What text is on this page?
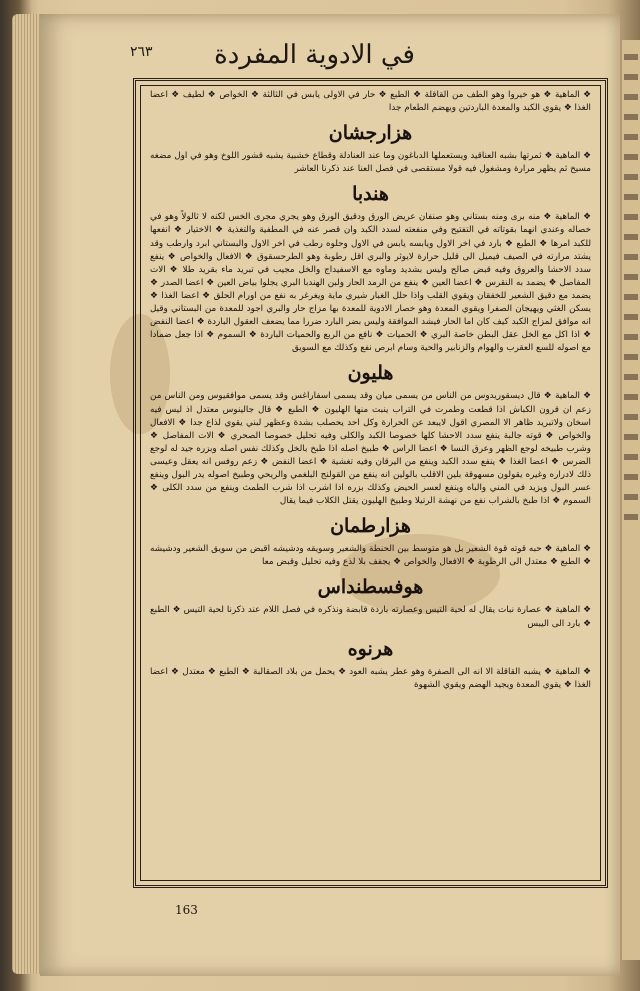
٢٦٣ في الادوية المفردة

❖ الماهية ❖ هو خيروا وهو الطف من القاقلة ❖ الطبع ❖ حار في الاولى يابس في الثالثة ❖ الخواص ❖ لطيف ❖ اعضا الغذا ❖ يقوي الكبد والمعدة الباردتين ويهضم الطعام جدا

هزارجشان

❖ الماهية ❖ ثمرتها بشبه العناقيد ويستعملها الدباغون وما عند العنادلة وقطاع خشبية يشبه قشور اللوخ وهو في اول مضغه مسيخ ثم يظهر مرارة ومشغول فيه قولا مستقصى في فصل العنا عند ذكرنا العاشر

هندبا

❖ الماهية ❖ منه برى ومنه بستاني وهو صنفان عريض الورق ودقيق الورق وهو يجري مجرى الخس لكنه لا ثالولاً وهو في خصاله وعندي انهما بقوتاته في التفتيح وفي منفعته لسدد الكبد وان قصر عنه في المطفية والتغذية ❖ الاختيار ❖ انفعها للكبد امرها ❖ الطبع ❖ بارد في اخر الاول ويابسه يابس في الاول وحلوه رطب في اخر الاول والبستاني ابرد وارطب وقد يشتد مرارته في الصيف فيميل الى قليل حرارة لايوثر والبري اقل رطوبة وهو الطرحسقوق ❖ الافعال والخواص ❖ ينفع سدد الاحشا والعروق وفيه قبض صالح وليس بشديد وماوه مع الاسفيداج والخل مجيب في تبريد ماء بقريد طلا ❖ الات المفاصل ❖ يضمد به النقرس ❖ اعضا العين ❖ ينفع من الرمد الحار ولبن الهندبا البري يجلوا بياض العين ❖ اعضا الصدر ❖ يضمد مع دقيق الشعير للخفقان ويقوي القلب واذا حلل الغبار شيري ماية ويغرغر به نفع من اورام الحلق ❖ اعضا الغذا ❖ يسكن الغثي ويهيجان الصفرا ويقوي المعدة وهو خصار الادوية للمعدة بها مزاج حار والبري اجود للمعدة من البستاني وقيل انه موافق لمزاج الكبد كيف كان اما الحار فيشد الموافقة وليس بضر البارد ضررا مما يضعف العقول الباردة ❖ اعضا النفض ❖ اذا اكل مع الخل عقل البطن خاصة البري ❖ الحميات ❖ نافع من الربع والحميات الباردة ❖ السموم ❖ اذا جعل ضمادا مع اصوله للسع العقرب والهوام والزنابير والحية وسام ابرص نفع وكذلك مع السويق

هليون

❖ الماهية ❖ قال ديسقوريدوس من الناس من يسمى ميان وقد يسمى اسفاراغس وقد يسمى موافقيوس ومن الناس من زعم ان قرون الكباش اذا قطعت وطمرت في التراب ينبت منها الهليون ❖ الطبع ❖ قال جالينوس معتدل اذ ليس فيه اسخان ولاتبريد ظاهر الا المصري اقول لايبعد عن الحرارة وكل احد يحصلب بشدة وعظهر لبني يقوي لذاع جدا ❖ الافعال والخواص ❖ قوته جالبة ينفع سدد الاحشا كلها خصوصا الكبد والكلى وفيه تحليل خصوصا الصحري ❖ الات المفاصل ❖ وشرب طبيخه لوجع الظهر وعرق النسا ❖ اعضا الراس ❖ طبيخ اصله اذا طبخ بالخل وكذلك نفس اصله وبزره جيد له لوجع الضرس ❖ اعضا الغذا ❖ ينفع سدد الكبد وينفع من اليرقان وفيه تغشية ❖ اعضا النفض ❖ زعم روفس انه يعقل وعيسى ذلك لادراره وغيره يقولون مسهوقة بلين الاقلب بالولين انه ينفع من القولنج البلغمي والريحي وطبيخ اصوله يدر البول وينفع عسر البول ويزيد في المني والباه وينفع لعسر الحيض وكذلك بزره اذا اشرب اذا شرب الطمث وينفع من سدد الكلى ❖ السموم ❖ اذا طبخ بالشراب نفع من نهشة الرتيلا وطبيخ الهليون يقتل الكلاب فيما يقال

هزارطمان

❖ الماهية ❖ حبه قوته قوة الشعير بل هو متوسط بين الحنطة والشعير وسويقه ودشيشه اقبض من سويق الشعير ودشيشه ❖ الطبع ❖ معتدل الى الرطوبة ❖ الافعال والخواص ❖ يجفف بلا لذع وفيه تحليل وقبض معا

هوفسطنداس

❖ الماهية ❖ عصارة نبات يقال له لحية التيس وعصارته باردة قابضة ونذكره في فصل اللام عند ذكرنا لحية التيس ❖ الطبع ❖ بارد الى اليبس

هرنوه

❖ الماهية ❖ يشبه القاقلة الا انه الى الصفرة وهو عطر يشبه العود ❖ يحمل من بلاد الصقالبة ❖ الطبع ❖ معتدل ❖ اعضا الغذا ❖ يقوي المعدة ويجيد الهضم ويقوي الشهوة

163
